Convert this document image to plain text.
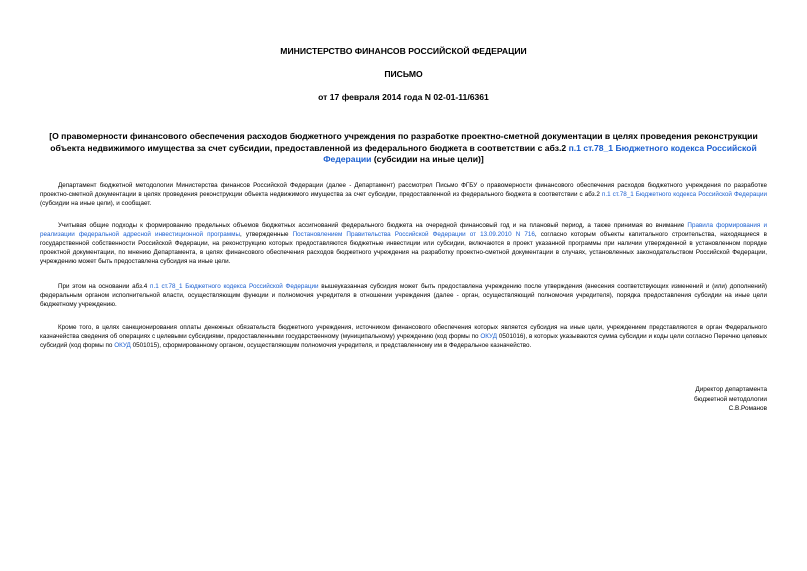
МИНИСТЕРСТВО ФИНАНСОВ РОССИЙСКОЙ ФЕДЕРАЦИИ
ПИСЬМО
от 17 февраля 2014 года N 02-01-11/6361
[О правомерности финансового обеспечения расходов бюджетного учреждения по разработке проектно-сметной документации в целях проведения реконструкции объекта недвижимого имущества за счет субсидии, предоставленной из федерального бюджета в соответствии с абз.2 п.1 ст.78_1 Бюджетного кодекса Российской Федерации (субсидии на иные цели)]
Департамент бюджетной методологии Министерства финансов Российской Федерации (далее - Департамент) рассмотрел Письмо ФГБУ о правомерности финансового обеспечения расходов бюджетного учреждения по разработке проектно-сметной документации в целях проведения реконструкции объекта недвижимого имущества за счет субсидии, предоставленной из федерального бюджета в соответствии с абз.2 п.1 ст.78_1 Бюджетного кодекса Российской Федерации (субсидии на иные цели), и сообщает.
Учитывая общие подходы к формированию предельных объемов бюджетных ассигнований федерального бюджета на очередной финансовый год и на плановый период, а также принимая во внимание Правила формирования и реализации федеральной адресной инвестиционной программы, утвержденные Постановлением Правительства Российской Федерации от 13.09.2010 N 716, согласно которым объекты капитального строительства, находящиеся в государственной собственности Российской Федерации, на реконструкцию которых предоставляются бюджетные инвестиции или субсидии, включаются в проект указанной программы при наличии утвержденной в установленном порядке проектной документации, по мнению Департамента, в целях финансового обеспечения расходов бюджетного учреждения на разработку проектно-сметной документации в случаях, установленных законодательством Российской Федерации, учреждению может быть предоставлена субсидия на иные цели.
При этом на основании абз.4 п.1 ст.78_1 Бюджетного кодекса Российской Федерации вышеуказанная субсидия может быть предоставлена учреждению после утверждения (внесения соответствующих изменений и (или) дополнений) федеральным органом исполнительной власти, осуществляющим функции и полномочия учредителя в отношении учреждения (далее - орган, осуществляющий полномочия учредителя), порядка предоставления субсидии на иные цели бюджетному учреждению.
Кроме того, в целях санкционирования оплаты денежных обязательств бюджетного учреждения, источником финансового обеспечения которых является субсидия на иные цели, учреждением представляются в орган Федерального казначейства сведения об операциях с целевыми субсидиями, предоставленными государственному (муниципальному) учреждению (код формы по ОКУД 0501016), в которых указываются сумма субсидии и коды цели согласно Перечню целевых субсидий (код формы по ОКУД 0501015), сформированному органом, осуществляющим полномочия учредителя, и представленному им в Федеральное казначейство.
Директор департамента
бюджетной методологии
С.В.Романов
